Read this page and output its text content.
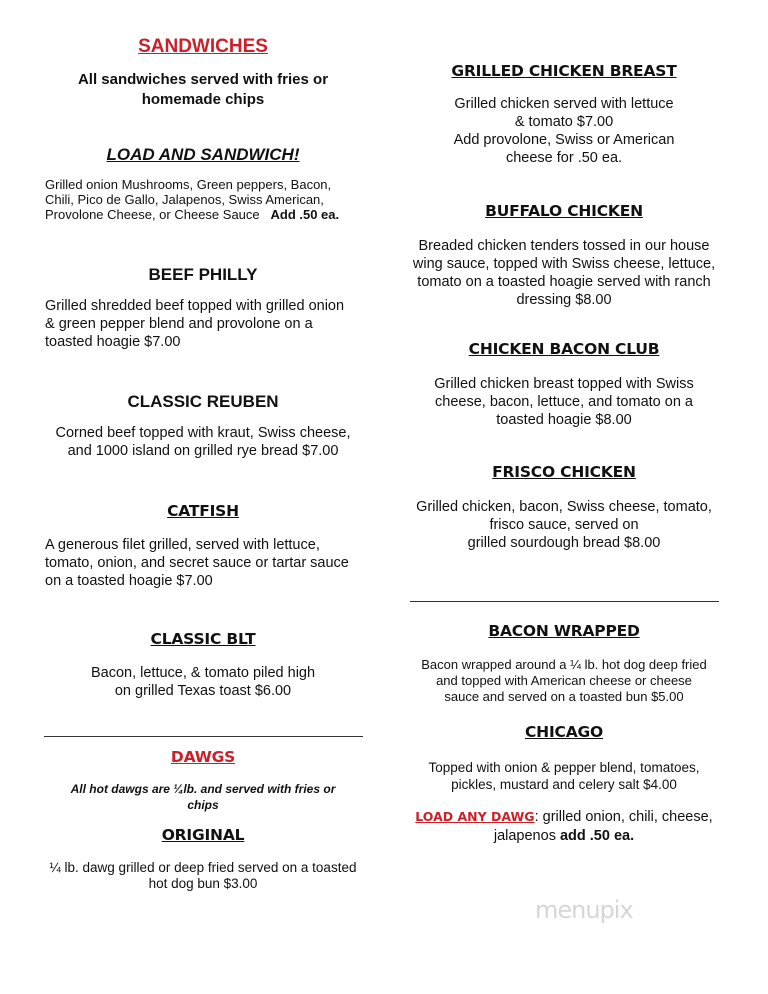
SANDWICHES
All sandwiches served with fries or
homemade chips
LOAD AND SANDWICH!
Grilled onion Mushrooms, Green peppers, Bacon,
Chili, Pico de Gallo, Jalapenos, Swiss American,
Provolone Cheese, or Cheese Sauce Add .50 ea.
BEEF PHILLY
Grilled shredded beef topped with grilled onion
& green pepper blend and provolone on a
toasted hoagie $7.00
CLASSIC REUBEN
Corned beef topped with kraut, Swiss cheese,
and 1000 island on grilled rye bread $7.00
CATFISH
A generous filet grilled, served with lettuce,
tomato, onion, and secret sauce or tartar sauce
on a toasted hoagie $7.00
CLASSIC BLT
Bacon, lettuce, & tomato piled high
on grilled Texas toast $6.00
DAWGS
All hot dawgs are ¼lb. and served with fries or
chips
ORIGINAL
¼ lb. dawg grilled or deep fried served on a toasted
hot dog bun $3.00
GRILLED CHICKEN BREAST
Grilled chicken served with lettuce
& tomato $7.00
Add provolone, Swiss or American
cheese for .50 ea.
BUFFALO CHICKEN
Breaded chicken tenders tossed in our house
wing sauce, topped with Swiss cheese, lettuce,
tomato on a toasted hoagie served with ranch
dressing $8.00
CHICKEN BACON CLUB
Grilled chicken breast topped with Swiss
cheese, bacon, lettuce, and tomato on a
toasted hoagie $8.00
FRISCO CHICKEN
Grilled chicken, bacon, Swiss cheese, tomato,
frisco sauce, served on
grilled sourdough bread $8.00
BACON WRAPPED
Bacon wrapped around a ¼ lb. hot dog deep fried
and topped with American cheese or cheese
sauce and served on a toasted bun $5.00
CHICAGO
Topped with onion & pepper blend, tomatoes,
pickles, mustard and celery salt $4.00
LOAD ANY DAWG: grilled onion, chili, cheese,
jalapenos add .50 ea.
menupix
